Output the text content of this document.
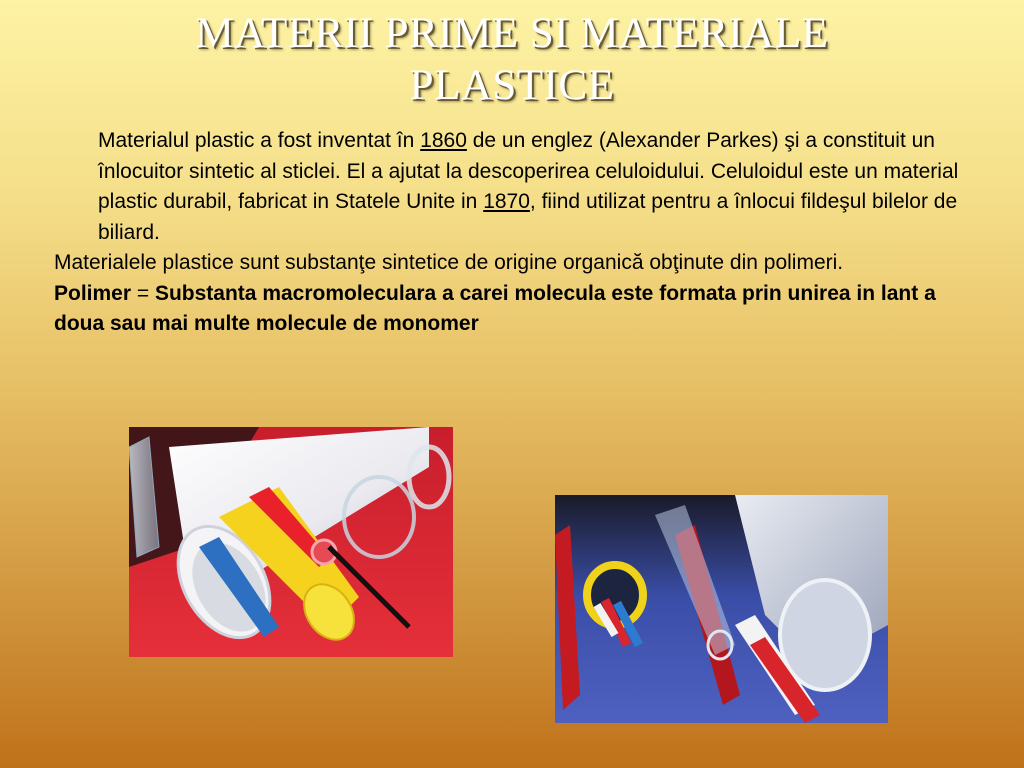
MATERII PRIME SI MATERIALE PLASTICE

Materialul plastic a fost inventat în 1860 de un englez (Alexander Parkes) şi a constituit un înlocuitor sintetic al sticlei. El a ajutat la descoperirea celuloidului. Celuloidul este un material plastic durabil, fabricat in Statele Unite in 1870, fiind utilizat pentru a înlocui fildeşul bilelor de biliard.

Materialele plastice sunt substanţe sintetice de origine organică obţinute din polimeri.

Polimer = Substanta macromoleculara a carei molecula este formata prin unirea in lant a doua sau mai multe molecule de monomer
